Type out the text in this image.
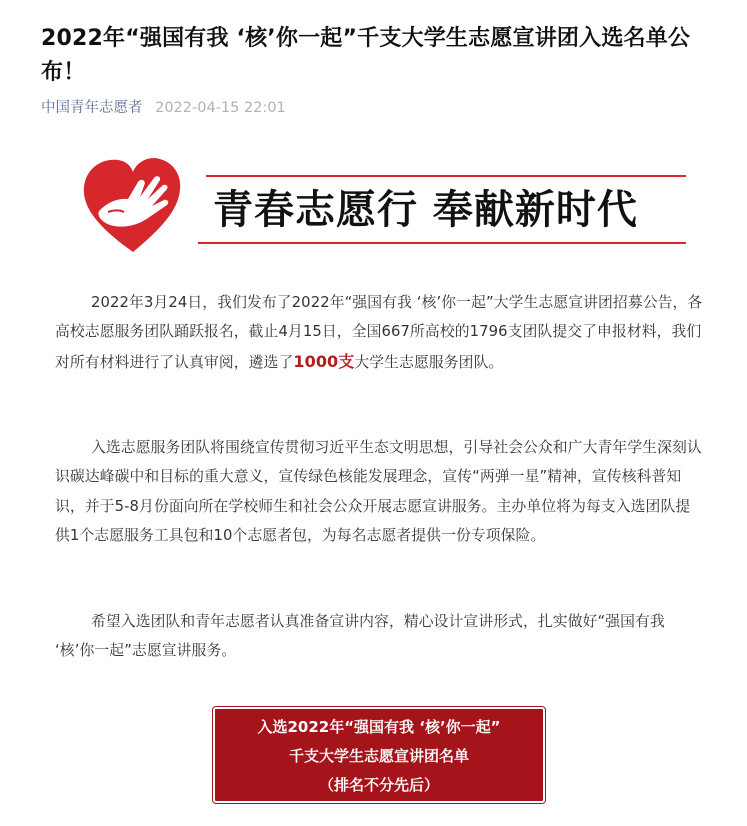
2022年“强国有我 ‘核’你一起”千支大学生志愿宣讲团入选名单公布！
中国青年志愿者 2022-04-15 22:01
青春志愿行 奉献新时代

2022年3月24日，我们发布了2022年“强国有我 ‘核’你一起”大学生志愿宣讲团招募公告，各高校志愿服务团队踊跃报名，截止4月15日，全国667所高校的1796支团队提交了申报材料，我们对所有材料进行了认真审阅，遴选了1000支大学生志愿服务团队。

入选志愿服务团队将围绕宣传贯彻习近平生态文明思想，引导社会公众和广大青年学生深刻认识碳达峰碳中和目标的重大意义，宣传绿色核能发展理念，宣传“两弹一星”精神，宣传核科普知识，并于5-8月份面向所在学校师生和社会公众开展志愿宣讲服务。主办单位将为每支入选团队提供1个志愿服务工具包和10个志愿者包，为每名志愿者提供一份专项保险。

希望入选团队和青年志愿者认真准备宣讲内容，精心设计宣讲形式，扎实做好“强国有我 ‘核’你一起”志愿宣讲服务。

入选2022年“强国有我 ‘核’你一起”
千支大学生志愿宣讲团名单
（排名不分先后）
